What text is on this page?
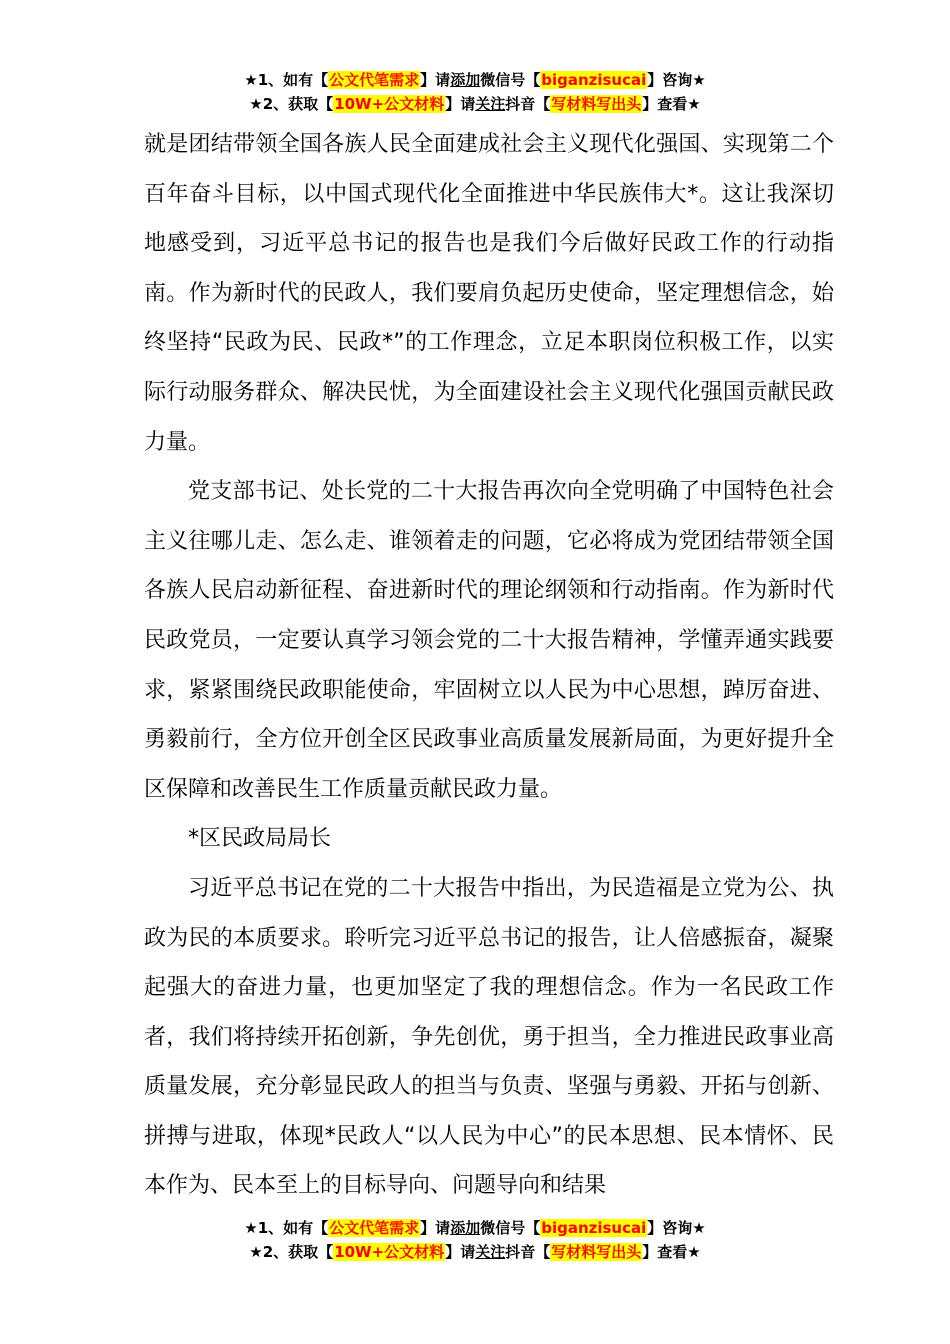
★1、如有【公文代笔需求】请添加微信号【biganzisucai】咨询★
★2、获取【10W+公文材料】请关注抖音【写材料写出头】查看★

就是团结带领全国各族人民全面建成社会主义现代化强国、实现第二个百年奋斗目标，以中国式现代化全面推进中华民族伟大*。这让我深切地感受到，习近平总书记的报告也是我们今后做好民政工作的行动指南。作为新时代的民政人，我们要肩负起历史使命，坚定理想信念，始终坚持“民政为民、民政*”的工作理念，立足本职岗位积极工作，以实际行动服务群众、解决民忧，为全面建设社会主义现代化强国贡献民政力量。

党支部书记、处长党的二十大报告再次向全党明确了中国特色社会主义往哪儿走、怎么走、谁领着走的问题，它必将成为党团结带领全国各族人民启动新征程、奋进新时代的理论纲领和行动指南。作为新时代民政党员，一定要认真学习领会党的二十大报告精神，学懂弄通实践要求，紧紧围绕民政职能使命，牢固树立以人民为中心思想，踔厉奋进、勇毅前行，全方位开创全区民政事业高质量发展新局面，为更好提升全区保障和改善民生工作质量贡献民政力量。

*区民政局局长

习近平总书记在党的二十大报告中指出，为民造福是立党为公、执政为民的本质要求。聆听完习近平总书记的报告，让人倍感振奋，凝聚起强大的奋进力量，也更加坚定了我的理想信念。作为一名民政工作者，我们将持续开拓创新，争先创优，勇于担当，全力推进民政事业高质量发展，充分彰显民政人的担当与负责、坚强与勇毅、开拓与创新、拼搏与进取，体现*民政人“以人民为中心”的民本思想、民本情怀、民本作为、民本至上的目标导向、问题导向和结果

★1、如有【公文代笔需求】请添加微信号【biganzisucai】咨询★
★2、获取【10W+公文材料】请关注抖音【写材料写出头】查看★
